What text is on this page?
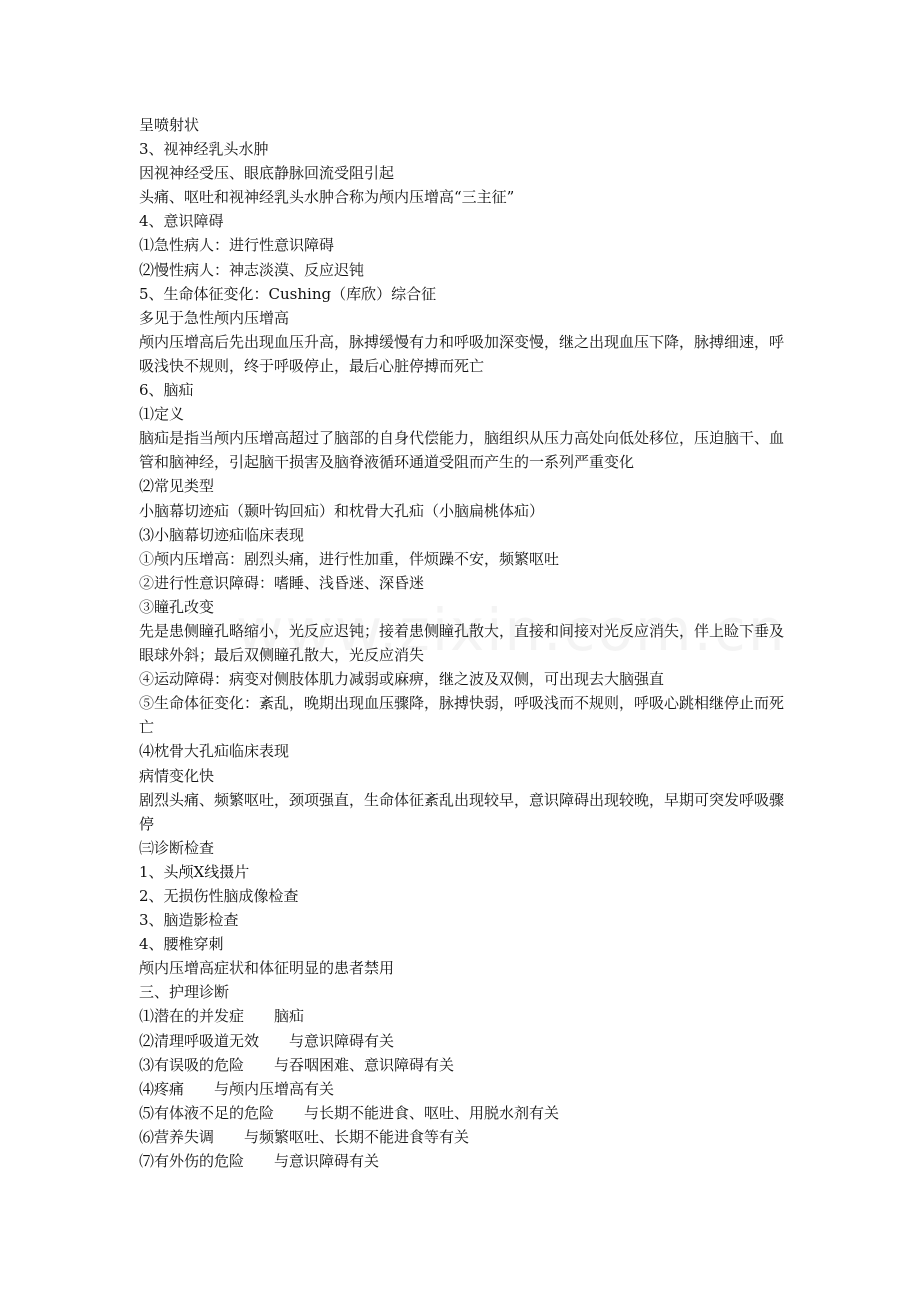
呈喷射状

3、视神经乳头水肿

因视神经受压、眼底静脉回流受阻引起

头痛、呕吐和视神经乳头水肿合称为颅内压增高“三主征”

4、意识障碍

⑴急性病人：进行性意识障碍

⑵慢性病人：神志淡漠、反应迟钝

5、生命体征变化：Cushing（库欣）综合征

多见于急性颅内压增高

颅内压增高后先出现血压升高，脉搏缓慢有力和呼吸加深变慢，继之出现血压下降，脉搏细速，呼吸浅快不规则，终于呼吸停止，最后心脏停搏而死亡

6、脑疝

⑴定义

脑疝是指当颅内压增高超过了脑部的自身代偿能力，脑组织从压力高处向低处移位，压迫脑干、血管和脑神经，引起脑干损害及脑脊液循环通道受阻而产生的一系列严重变化

⑵常见类型

小脑幕切迹疝（颞叶钩回疝）和枕骨大孔疝（小脑扁桃体疝）

⑶小脑幕切迹疝临床表现

①颅内压增高：剧烈头痛，进行性加重，伴烦躁不安，频繁呕吐

②进行性意识障碍：嗜睡、浅昏迷、深昏迷

③瞳孔改变

先是患侧瞳孔略缩小，光反应迟钝；接着患侧瞳孔散大，直接和间接对光反应消失，伴上睑下垂及眼球外斜；最后双侧瞳孔散大，光反应消失

④运动障碍：病变对侧肢体肌力减弱或麻痹，继之波及双侧，可出现去大脑强直

⑤生命体征变化：紊乱，晚期出现血压骤降，脉搏快弱，呼吸浅而不规则，呼吸心跳相继停止而死亡

⑷枕骨大孔疝临床表现

病情变化快

剧烈头痛、频繁呕吐，颈项强直，生命体征紊乱出现较早，意识障碍出现较晚，早期可突发呼吸骤停

㈢诊断检查

1、头颅X线摄片

2、无损伤性脑成像检查

3、脑造影检查

4、腰椎穿刺

颅内压增高症状和体征明显的患者禁用

三、护理诊断

⑴潜在的并发症　　脑疝

⑵清理呼吸道无效　　与意识障碍有关

⑶有误吸的危险　　与吞咽困难、意识障碍有关

⑷疼痛　　与颅内压增高有关

⑸有体液不足的危险　　与长期不能进食、呕吐、用脱水剂有关

⑹营养失调　　与频繁呕吐、长期不能进食等有关

⑺有外伤的危险　　与意识障碍有关
